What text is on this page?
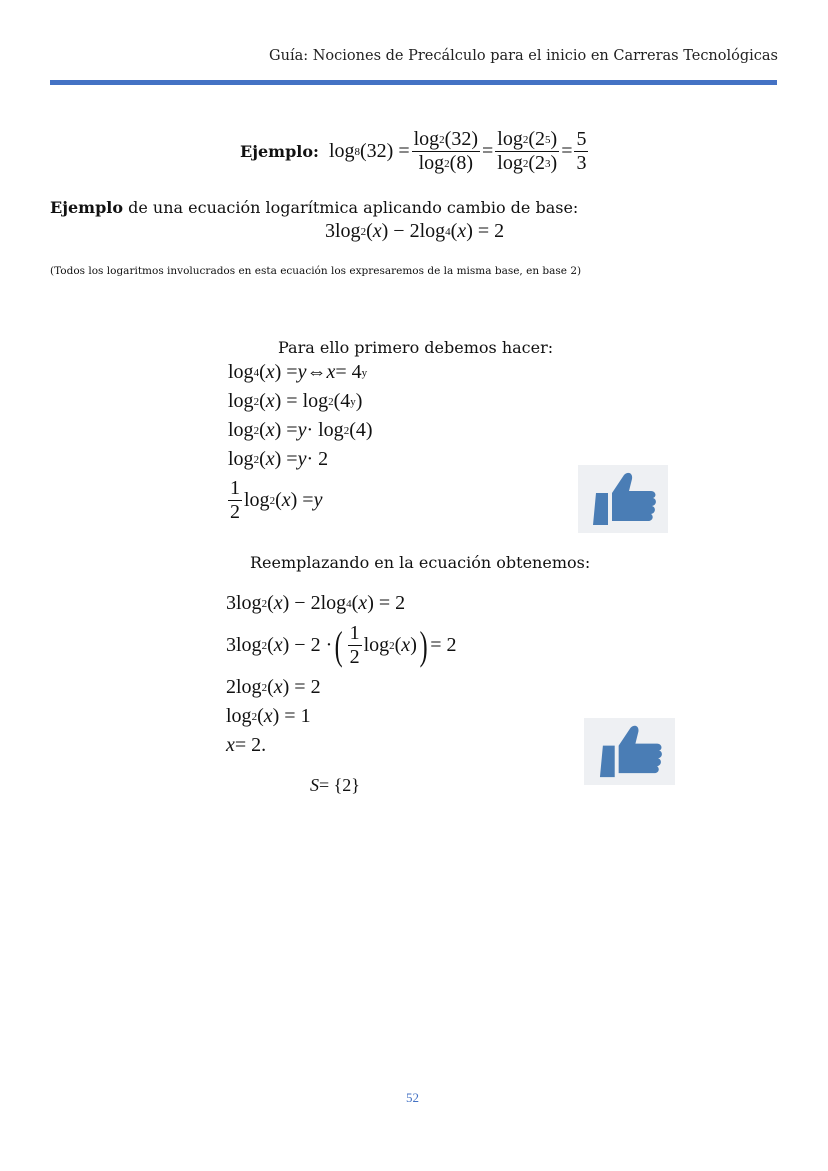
Guía: Nociones de Precálculo para el inicio en Carreras Tecnológicas
Ejemplo: log 8 $(32) = \frac{\log 2 (32)}{\log 2 (8)} = \frac{\log 2 (2 5 )}{\log 2 (2 3 )} = \frac{5}{3}$
Ejemplo de una ecuación logarítmica aplicando cambio de base:
3log 2 ( x ) − 2log 4 ( x ) = 2
(Todos los logaritmos involucrados en esta ecuación los expresaremos de la misma base, en base 2)
Para ello primero debemos hacer:
log 4 ( x ) = y ⇔ x = 4 y
log 2 ( x ) = log 2 (4 y )
log 2 ( x ) = y · log 2 (4)
log 2 ( x ) = y · 2
$\frac{1}{2}$ log 2 ( x ) = y
Reemplazando en la ecuación obtenemos:
3log 2 ( x ) − 2log 4 ( x ) = 2
3log 2 ( x ) − 2 · ( $\frac{1}{2}$ log 2 ( x ) ) = 2
2log 2 ( x ) = 2
log 2 ( x ) = 1
x = 2.
S = {2}
52
